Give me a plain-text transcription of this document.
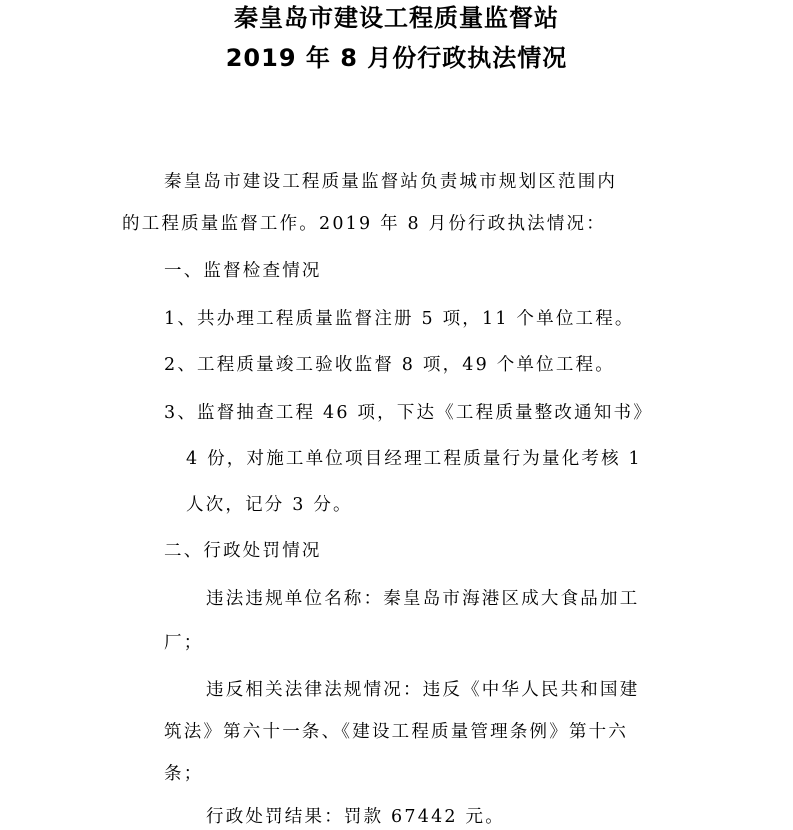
秦皇岛市建设工程质量监督站
2019 年 8 月份行政执法情况

秦皇岛市建设工程质量监督站负责城市规划区范围内

的工程质量监督工作。2019 年 8 月份行政执法情况：

一、监督检查情况

1、共办理工程质量监督注册 5 项，11 个单位工程。

2、工程质量竣工验收监督 8 项，49 个单位工程。

3、监督抽查工程 46 项，下达《工程质量整改通知书》

4 份，对施工单位项目经理工程质量行为量化考核 1

人次，记分 3 分。

二、行政处罚情况

违法违规单位名称：秦皇岛市海港区成大食品加工

厂；

违反相关法律法规情况：违反《中华人民共和国建

筑法》第六十一条、《建设工程质量管理条例》第十六

条；

行政处罚结果：罚款 67442 元。
